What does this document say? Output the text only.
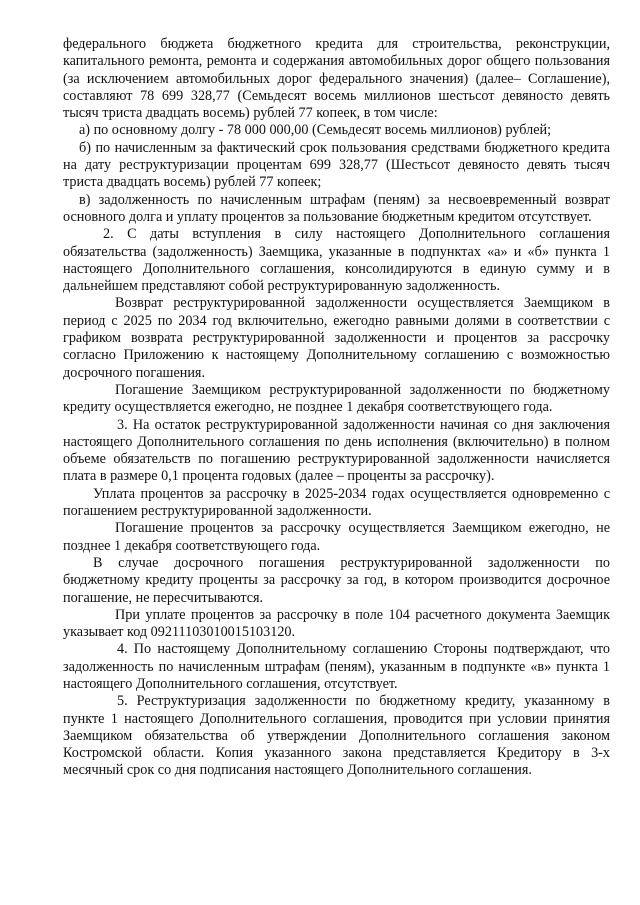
федерального бюджета бюджетного кредита для строительства, реконструкции, капитального ремонта, ремонта и содержания автомобильных дорог общего пользования (за исключением автомобильных дорог федерального значения) (далее– Соглашение), составляют 78 699 328,77 (Семьдесят восемь миллионов шестьсот девяносто девять тысяч триста двадцать восемь) рублей 77 копеек, в том числе:

а) по основному долгу - 78 000 000,00 (Семьдесят восемь миллионов) рублей;

б) по начисленным за фактический срок пользования средствами бюджетного кредита на дату реструктуризации процентам 699 328,77 (Шестьсот девяносто девять тысяч триста двадцать восемь) рублей 77 копеек;

в) задолженность по начисленным штрафам (пеням) за несвоевременный возврат основного долга и уплату процентов за пользование бюджетным кредитом отсутствует.

2. С даты вступления в силу настоящего Дополнительного соглашения обязательства (задолженность) Заемщика, указанные в подпунктах «а» и «б» пункта 1 настоящего Дополнительного соглашения, консолидируются в единую сумму и в дальнейшем представляют собой реструктурированную задолженность.

Возврат реструктурированной задолженности осуществляется Заемщиком в период с 2025 по 2034 год включительно, ежегодно равными долями в соответствии с графиком возврата реструктурированной задолженности и процентов за рассрочку согласно Приложению к настоящему Дополнительному соглашению с возможностью досрочного погашения.

Погашение Заемщиком реструктурированной задолженности по бюджетному кредиту осуществляется ежегодно, не позднее 1 декабря соответствующего года.

3. На остаток реструктурированной задолженности начиная со дня заключения настоящего Дополнительного соглашения по день исполнения (включительно) в полном объеме обязательств по погашению реструктурированной задолженности начисляется плата в размере 0,1 процента годовых (далее – проценты за рассрочку).

Уплата процентов за рассрочку в 2025-2034 годах осуществляется одновременно с погашением реструктурированной задолженности.

Погашение процентов за рассрочку осуществляется Заемщиком ежегодно, не позднее 1 декабря соответствующего года.

В случае досрочного погашения реструктурированной задолженности по бюджетному кредиту проценты за рассрочку за год, в котором производится досрочное погашение, не пересчитываются.

При уплате процентов за рассрочку в поле 104 расчетного документа Заемщик указывает код 09211103010015103120.

4. По настоящему Дополнительному соглашению Стороны подтверждают, что задолженность по начисленным штрафам (пеням), указанным в подпункте «в» пункта 1 настоящего Дополнительного соглашения, отсутствует.

5. Реструктуризация задолженности по бюджетному кредиту, указанному в пункте 1 настоящего Дополнительного соглашения, проводится при условии принятия Заемщиком обязательства об утверждении Дополнительного соглашения законом Костромской области. Копия указанного закона представляется Кредитору в 3-х месячный срок со дня подписания настоящего Дополнительного соглашения.
